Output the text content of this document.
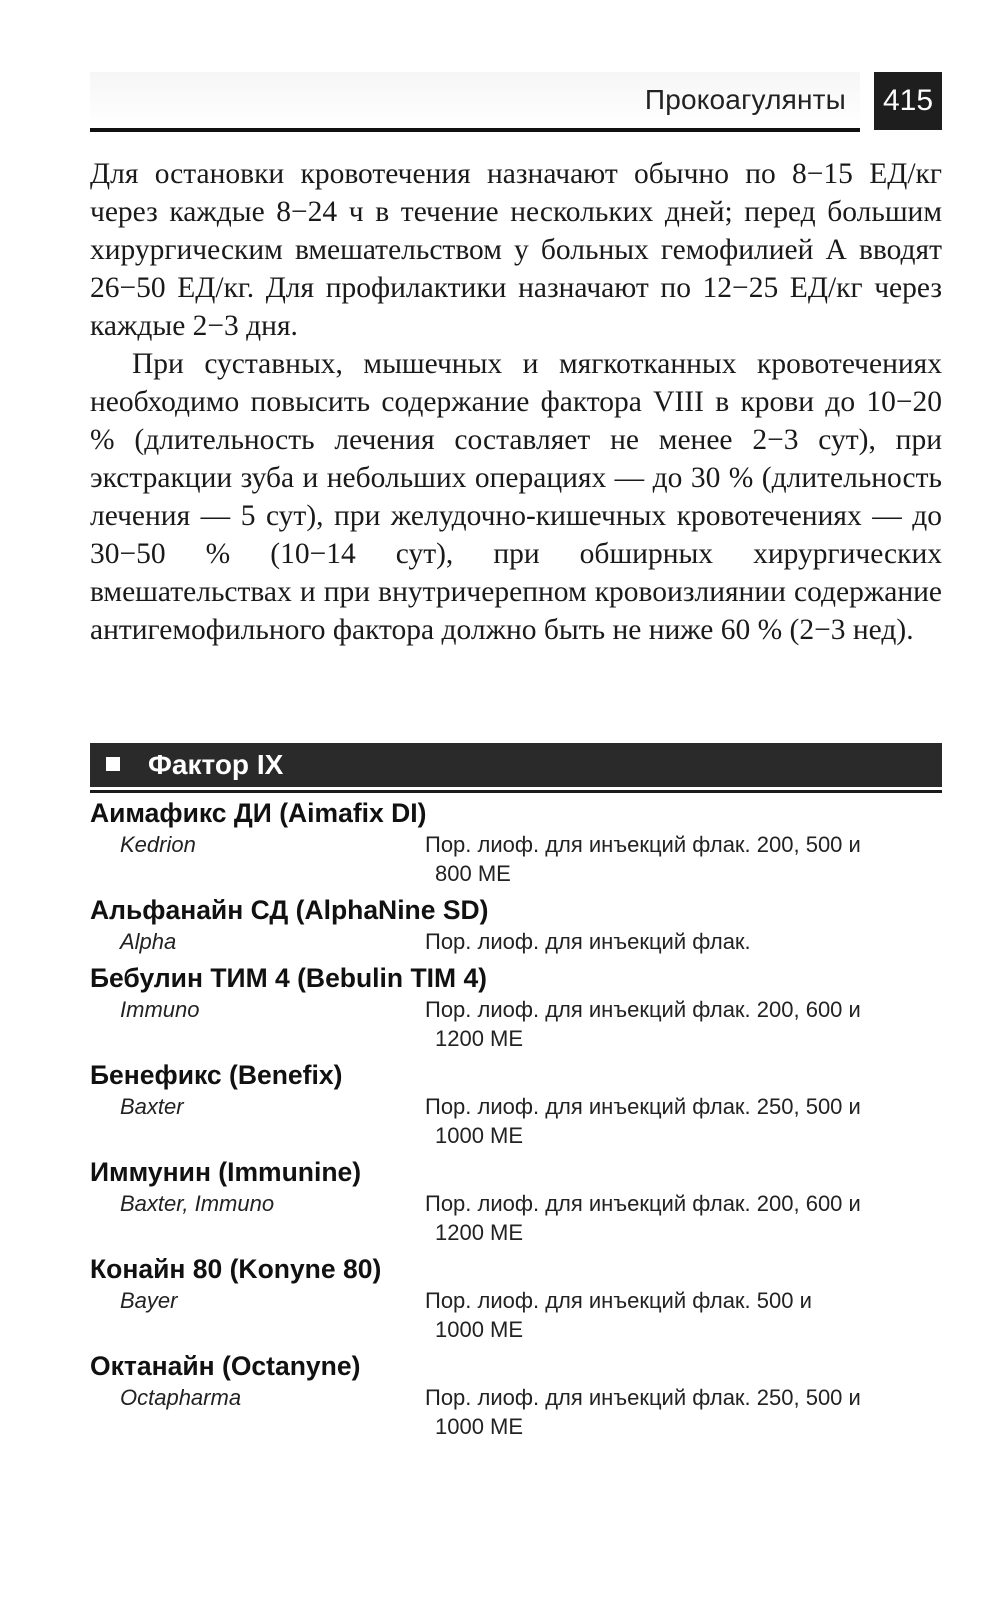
Прокоагулянты 415

Для остановки кровотечения назначают обычно по 8−15 ЕД/кг через каждые 8−24 ч в течение нескольких дней; перед большим хирургическим вмешательством у больных гемофилией А вводят 26−50 ЕД/кг. Для профилактики назначают по 12−25 ЕД/кг через каждые 2−3 дня.

При суставных, мышечных и мягкотканных кровотечениях необходимо повысить содержание фактора VIII в крови до 10−20 % (длительность лечения составляет не менее 2−3 сут), при экстракции зуба и небольших операциях — до 30 % (длительность лечения — 5 сут), при желудочно-кишечных кровотечениях — до 30−50 % (10−14 сут), при обширных хирургических вмешательствах и при внутричерепном кровоизлиянии содержание антигемофильного фактора должно быть не ниже 60 % (2−3 нед).

Фактор IX
Аимафикс ДИ (Aimafix DI)
Kedrion	Пор. лиоф. для инъекций флак. 200, 500 и
800 МЕ
Альфанайн СД (AlphaNine SD)
Alpha	Пор. лиоф. для инъекций флак.
Бебулин ТИМ 4 (Bebulin TIM 4)
Immuno	Пор. лиоф. для инъекций флак. 200, 600 и
1200 МЕ
Бенефикс (Benefix)
Baxter	Пор. лиоф. для инъекций флак. 250, 500 и
1000 МЕ
Иммунин (Immunine)
Baxter, Immuno	Пор. лиоф. для инъекций флак. 200, 600 и
1200 МЕ
Конайн 80 (Konyne 80)
Bayer	Пор. лиоф. для инъекций флак. 500 и
1000 МЕ
Октанайн (Octanyne)
Octapharma	Пор. лиоф. для инъекций флак. 250, 500 и
1000 МЕ
